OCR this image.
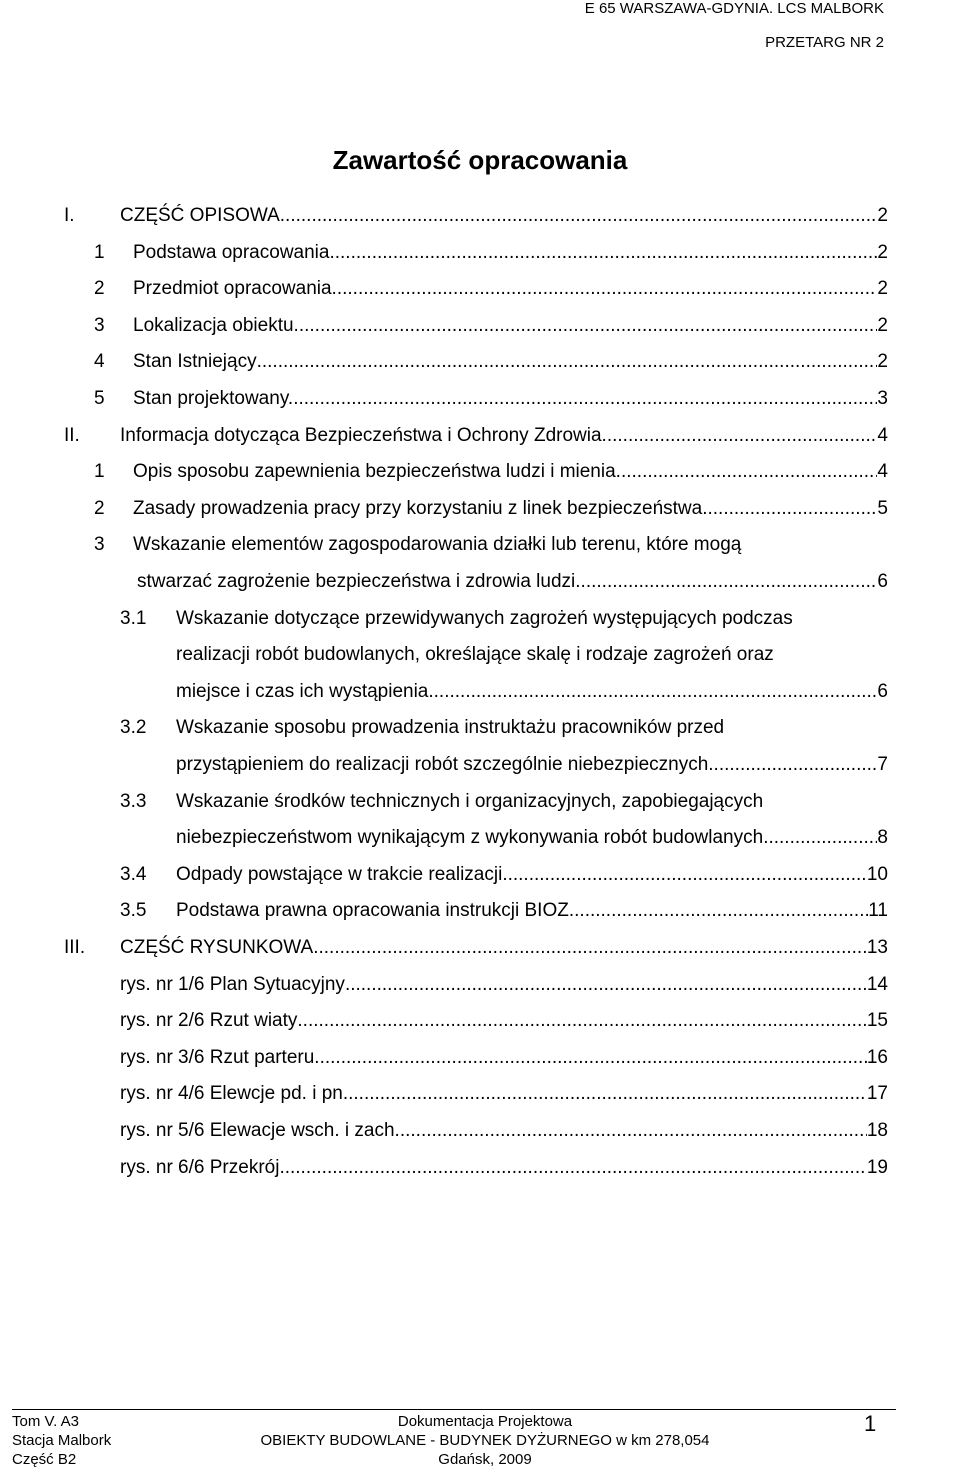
E 65 WARSZAWA-GDYNIA. LCS MALBORK
PRZETARG NR 2
Zawartość opracowania
I. CZĘŚĆ OPISOWA .....	2
1 Podstawa opracowania .....	2
2 Przedmiot opracowania .....	2
3 Lokalizacja obiektu .....	2
4 Stan Istniejący .....	2
5 Stan projektowany. .....	3
II. Informacja dotycząca Bezpieczeństwa i Ochrony Zdrowia .....	4
1 Opis sposobu zapewnienia bezpieczeństwa ludzi i mienia .....	4
2 Zasady prowadzenia pracy przy korzystaniu z linek bezpieczeństwa. .....	5
3 Wskazanie elementów zagospodarowania działki lub terenu, które mogą
stwarzać zagrożenie bezpieczeństwa i zdrowia ludzi .....	6
3.1 Wskazanie dotyczące przewidywanych zagrożeń występujących podczas
realizacji robót budowlanych, określające skalę i rodzaje zagrożeń oraz
miejsce i czas ich wystąpienia .....	6
3.2 Wskazanie sposobu prowadzenia instruktażu pracowników przed
przystąpieniem do realizacji robót szczególnie niebezpiecznych .....	7
3.3 Wskazanie środków technicznych i organizacyjnych, zapobiegających
niebezpieczeństwom wynikającym z wykonywania robót budowlanych .....	8
3.4 Odpady powstające w trakcie realizacji .....	10
3.5 Podstawa prawna opracowania instrukcji BIOZ .....	11
III. CZĘŚĆ RYSUNKOWA .....	13
rys. nr 1/6 Plan Sytuacyjny .....	14
rys. nr 2/6 Rzut wiaty .....	15
rys. nr 3/6 Rzut parteru .....	16
rys. nr 4/6 Elewcje pd. i pn .....	17
rys. nr 5/6 Elewacje wsch. i zach. .....	18
rys. nr 6/6 Przekrój .....	19
Tom V. A3
Stacja Malbork
Część B2
Dokumentacja Projektowa
OBIEKTY BUDOWLANE - BUDYNEK DYŻURNEGO w km 278,054
Gdańsk, 2009
1
